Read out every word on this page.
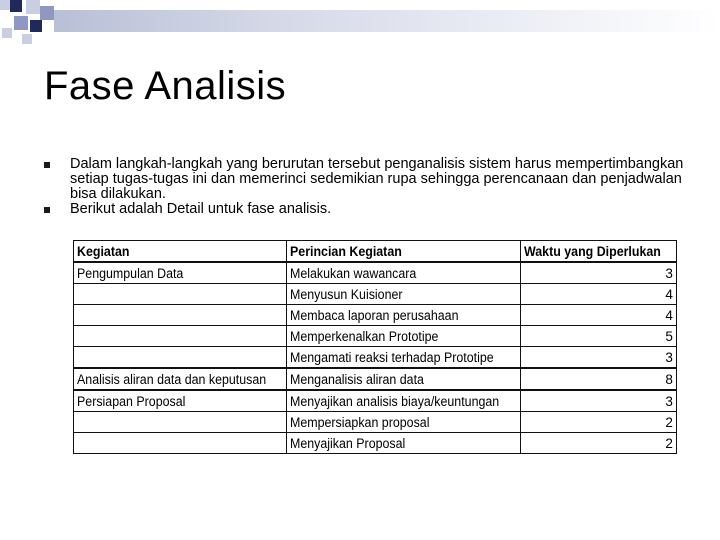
Fase Analisis
Dalam langkah-langkah yang berurutan tersebut penganalisis sistem harus mempertimbangkan setiap tugas-tugas ini dan memerinci sedemikian rupa sehingga perencanaan dan penjadwalan bisa dilakukan.
Berikut adalah Detail untuk fase analisis.
Kegiatan	Perincian Kegiatan	Waktu yang Diperlukan
Pengumpulan Data	Melakukan wawancara	3
	Menyusun Kuisioner	4
	Membaca laporan perusahaan	4
	Memperkenalkan Prototipe	5
	Mengamati reaksi terhadap Prototipe	3
Analisis aliran data dan keputusan	Menganalisis aliran data	8
Persiapan Proposal	Menyajikan analisis biaya/keuntungan	3
	Mempersiapkan proposal	2
	Menyajikan Proposal	2
